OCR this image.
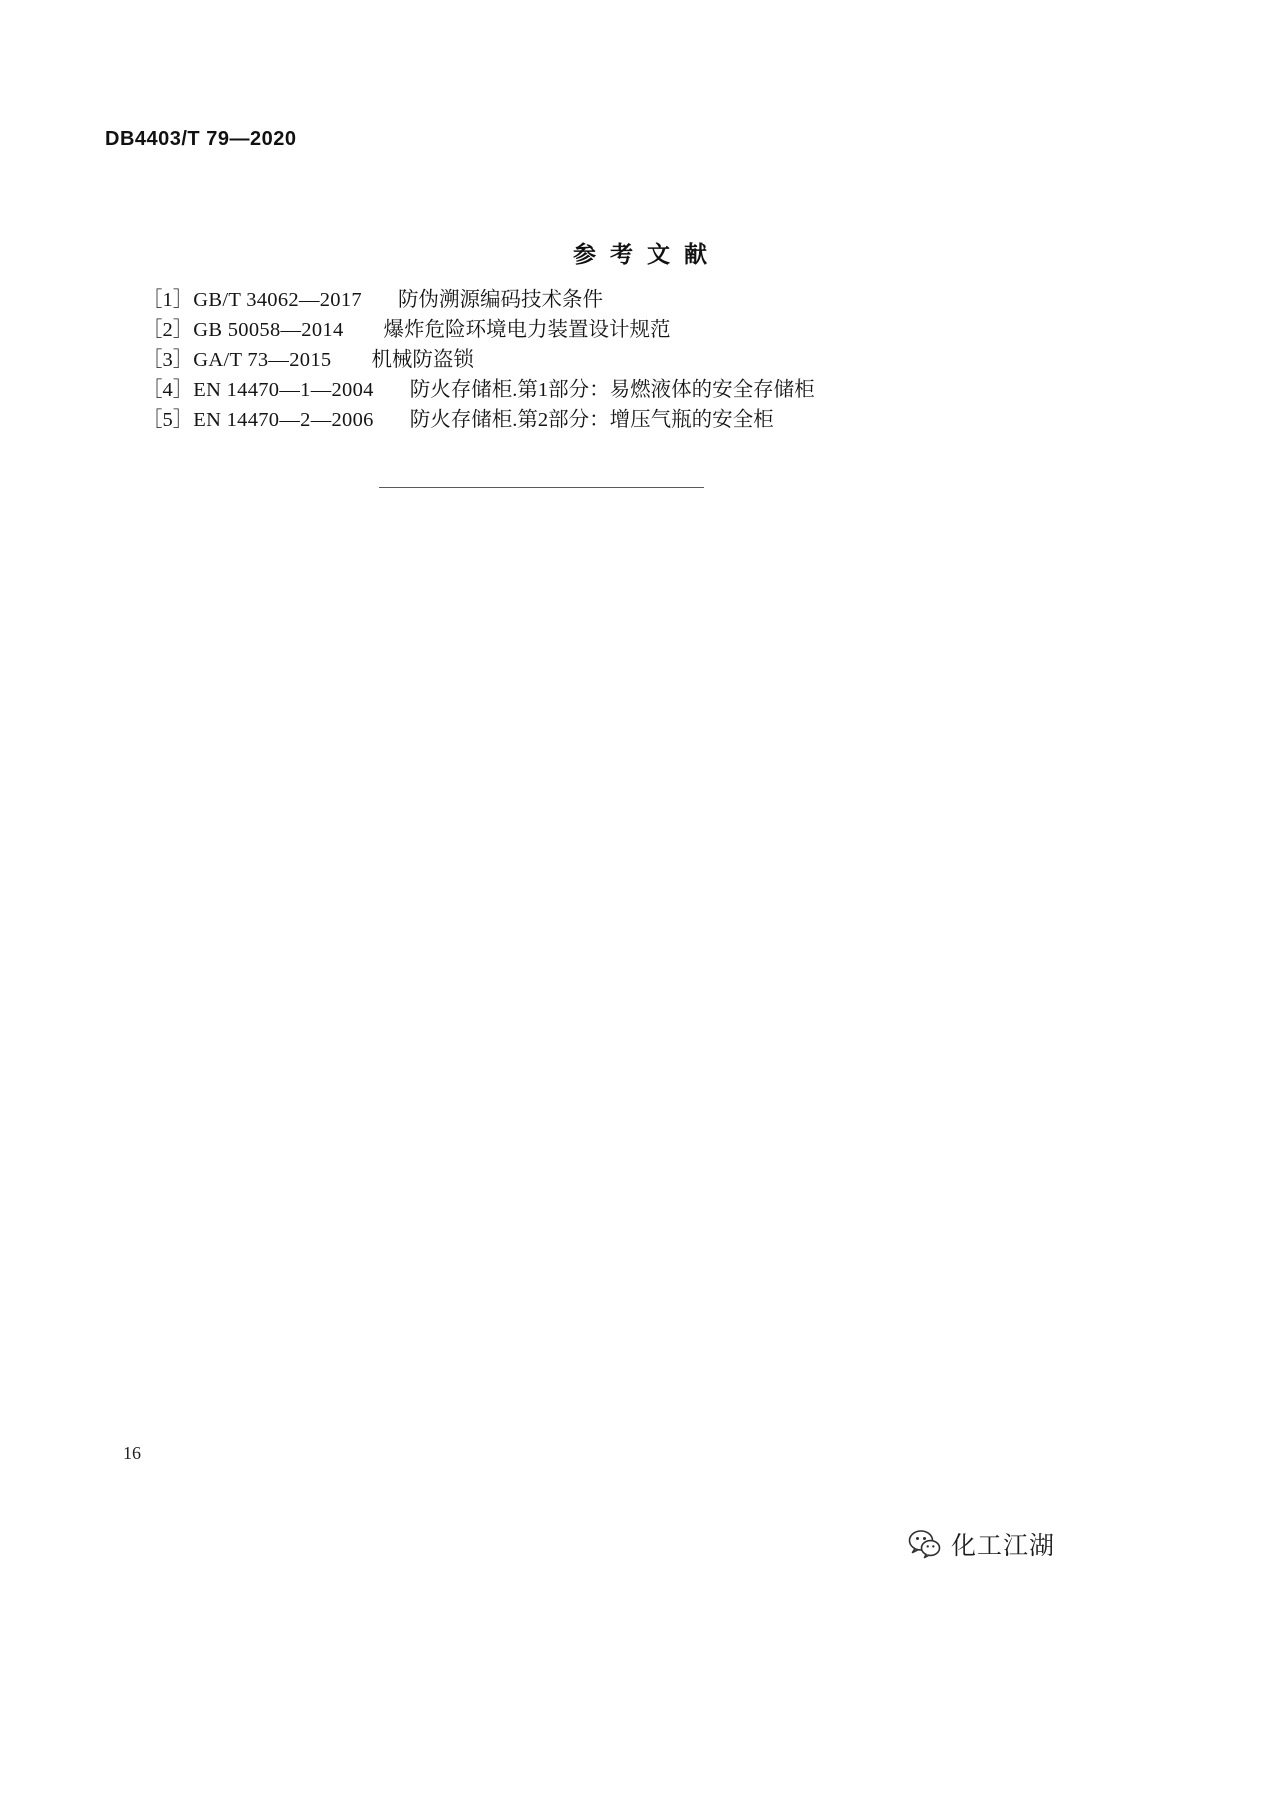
DB4403/T 79—2020
参 考 文 献
［1］ GB/T 34062—2017 防伪溯源编码技术条件
［2］ GB 50058—2014 爆炸危险环境电力装置设计规范
［3］ GA/T 73—2015 机械防盗锁
［4］ EN 14470—1—2004 防火存储柜.第1部分：易燃液体的安全存储柜
［5］ EN 14470—2—2006 防火存储柜.第2部分：增压气瓶的安全柜
16
化工江湖
